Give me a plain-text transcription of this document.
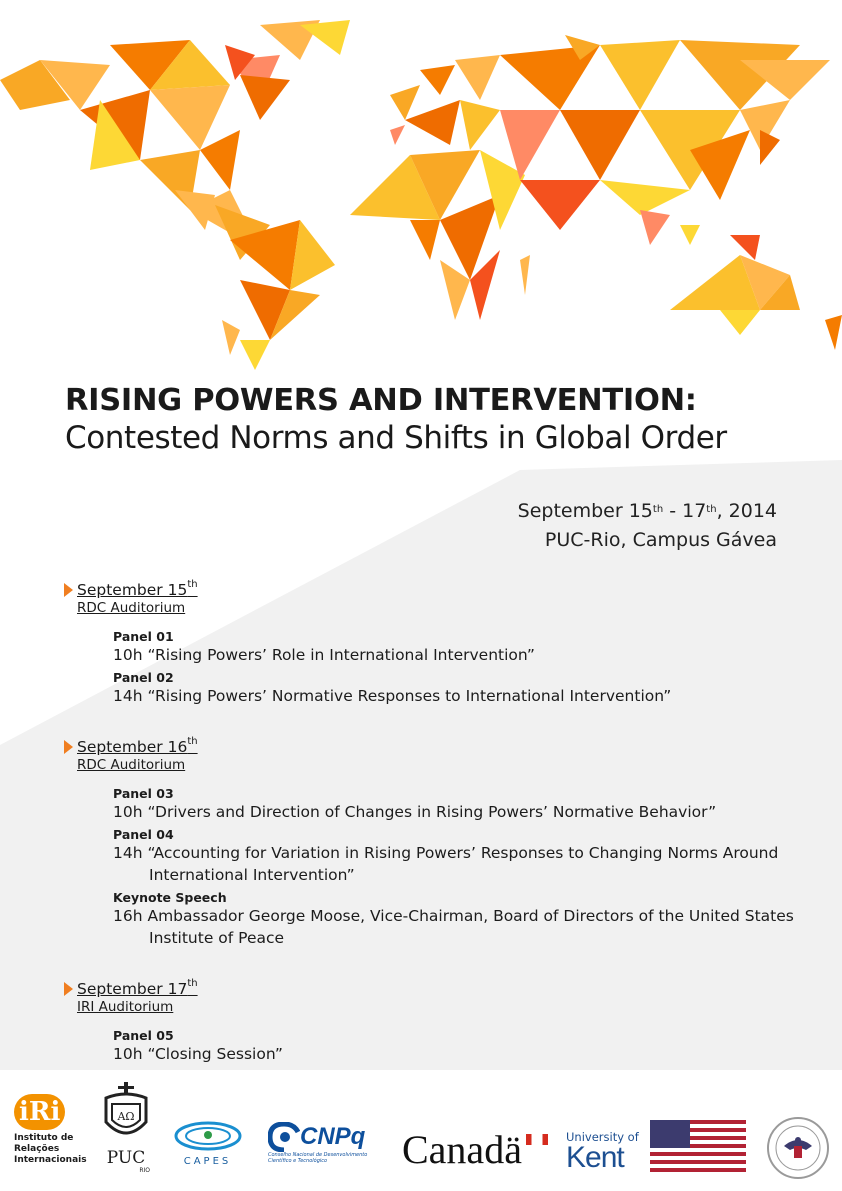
RISING POWERS AND INTERVENTION:
Contested Norms and Shifts in Global Order
September 15th - 17th, 2014
PUC-Rio, Campus Gávea
September 15th
RDC Auditorium
Panel 01
10h “Rising Powers’ Role in International Intervention”
Panel 02
14h “Rising Powers’ Normative Responses to International Intervention”
September 16th
RDC Auditorium
Panel 03
10h “Drivers and Direction of Changes in Rising Powers’ Normative Behavior”
Panel 04
14h “Accounting for Variation in Rising Powers’ Responses to Changing Norms Around International Intervention”
Keynote Speech
16h Ambassador George Moose, Vice-Chairman, Board of Directors of the United States Institute of Peace
September 17th
IRI Auditorium
Panel 05
10h “Closing Session”
iRi
Instituto de Relações Internacionais
AΩ
PUC
RIO
CAPES
CNPq
Conselho Nacional de Desenvolvimento Científico e Tecnológico	Canadä	University of
Kent
